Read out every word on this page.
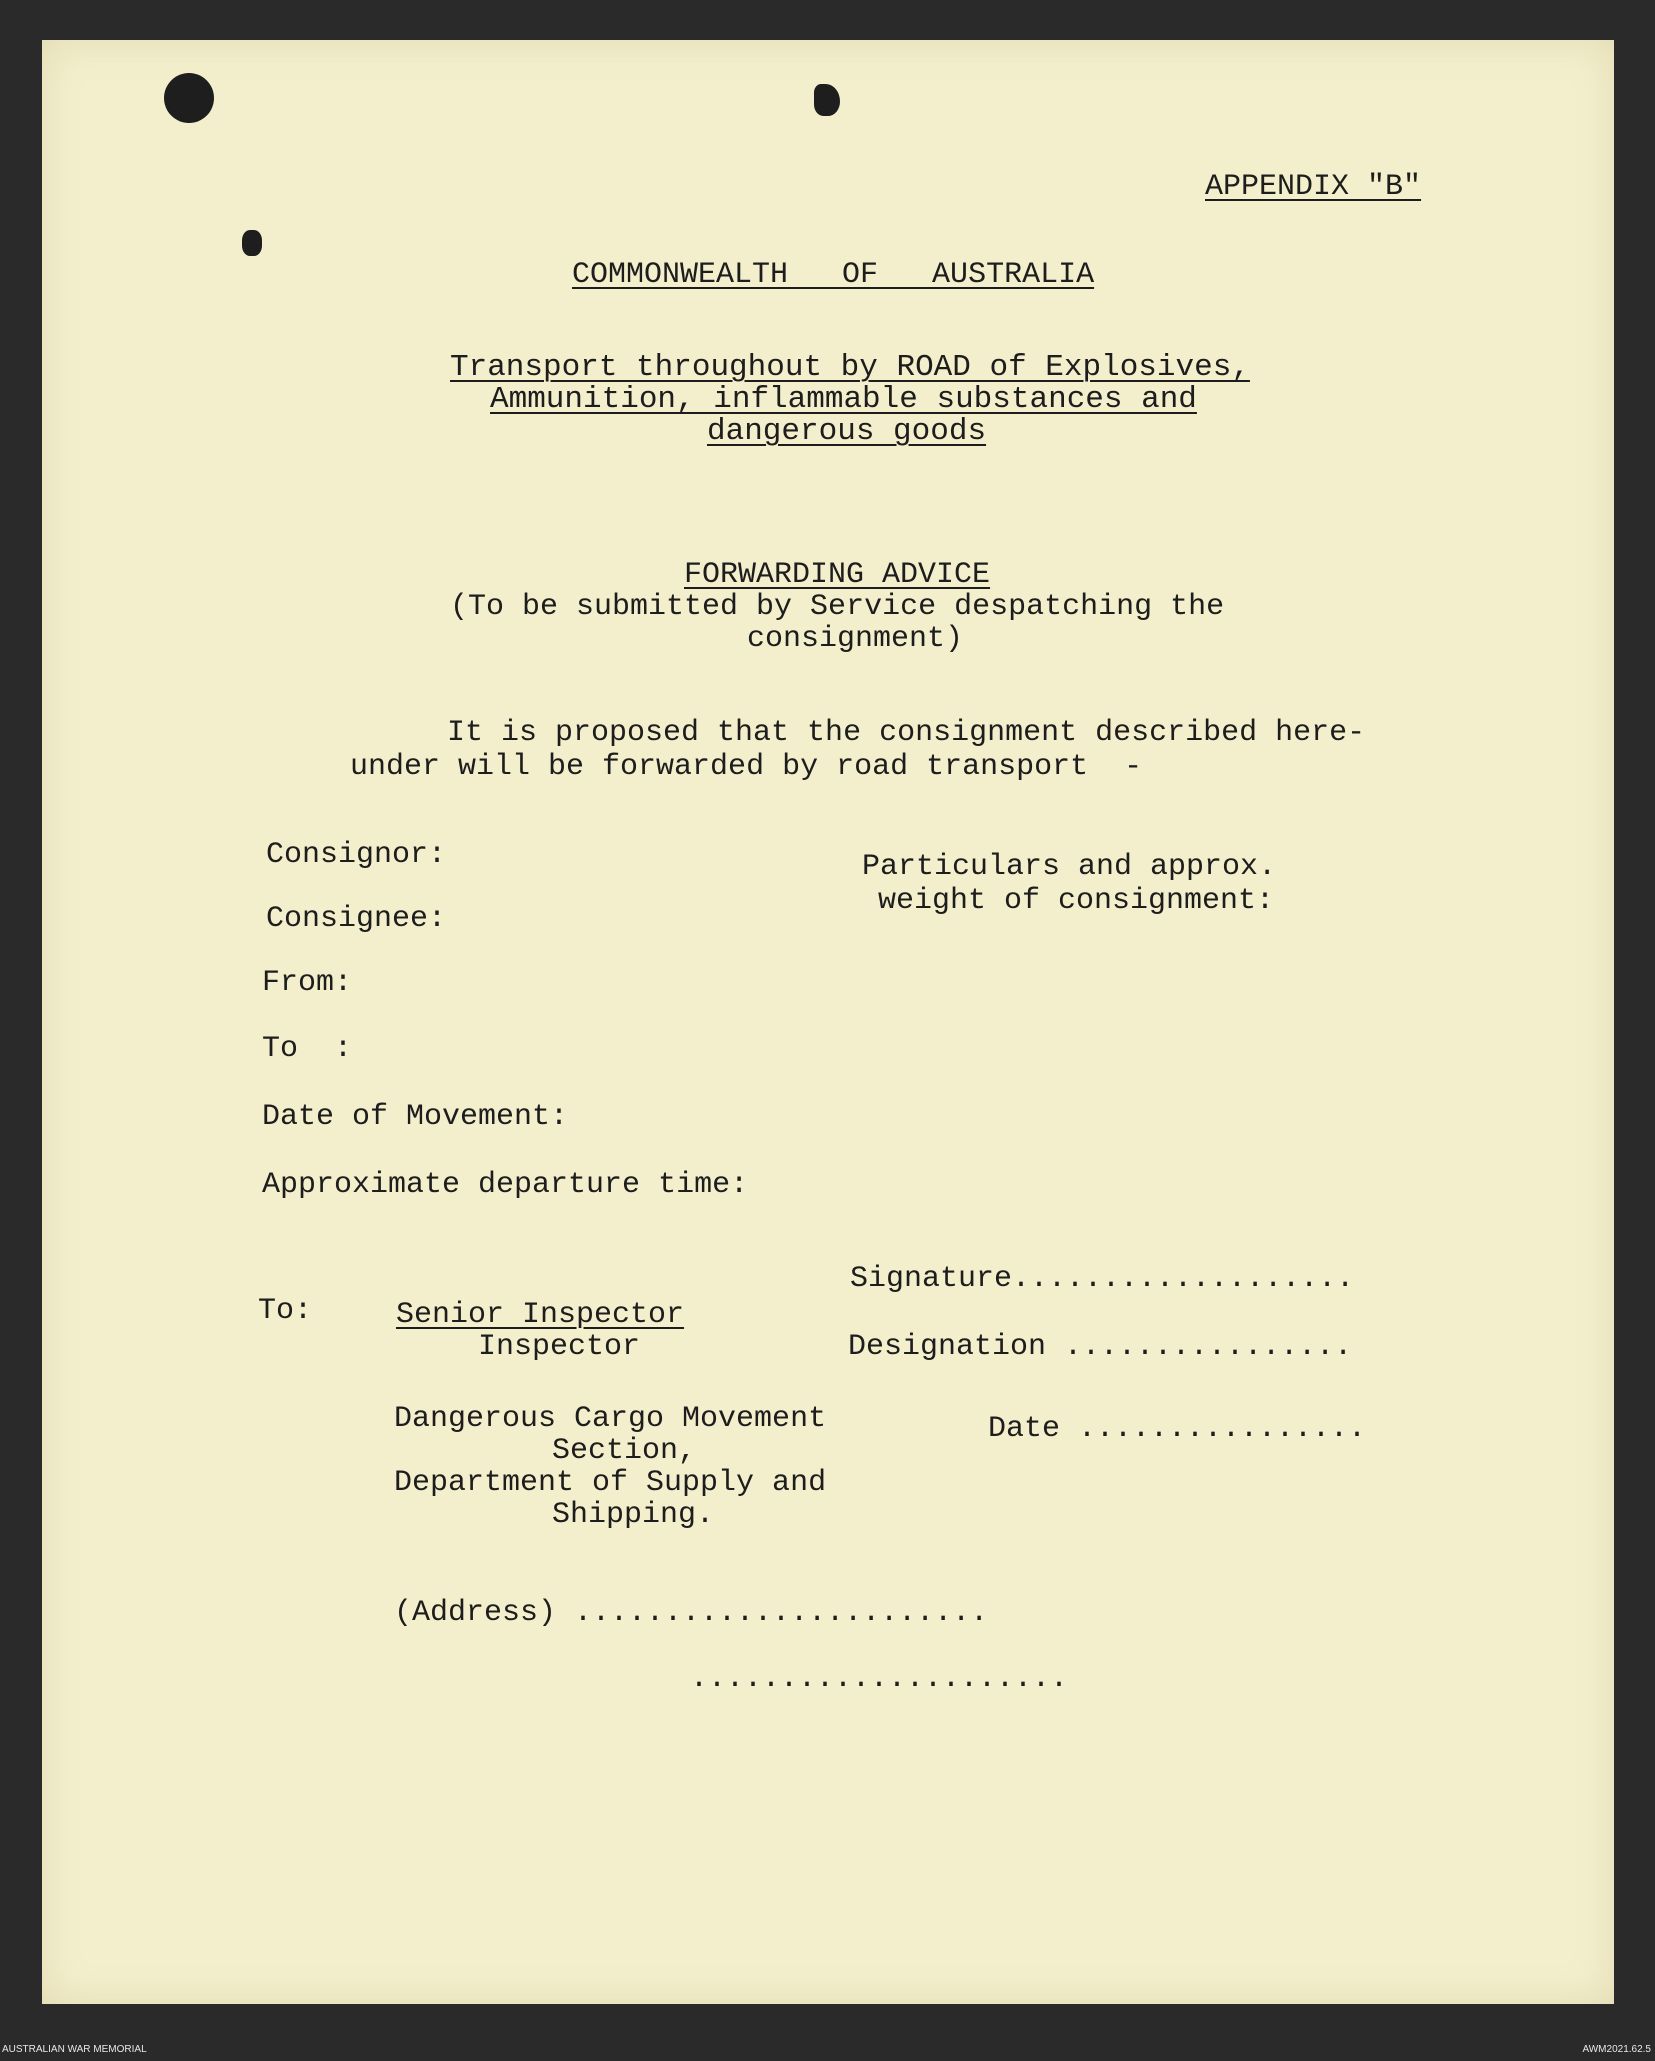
APPENDIX "B"
COMMONWEALTH   OF   AUSTRALIA
Transport throughout by ROAD of Explosives,
Ammunition, inflammable substances and
dangerous goods
FORWARDING ADVICE
(To be submitted by Service despatching the
consignment)
It is proposed that the consignment described here-
under will be forwarded by road transport  -
Consignor:	Particulars and approx.
weight of consignment:
Consignee:
From:
To  :
Date of Movement:
Approximate departure time:
Signature...................
To:	Senior Inspector
Inspector	Designation ................
Dangerous Cargo Movement	Date ................
Section,
Department of Supply and
Shipping.
(Address) .......................
.....................
AUSTRALIAN WAR MEMORIAL	AWM2021.62.5
